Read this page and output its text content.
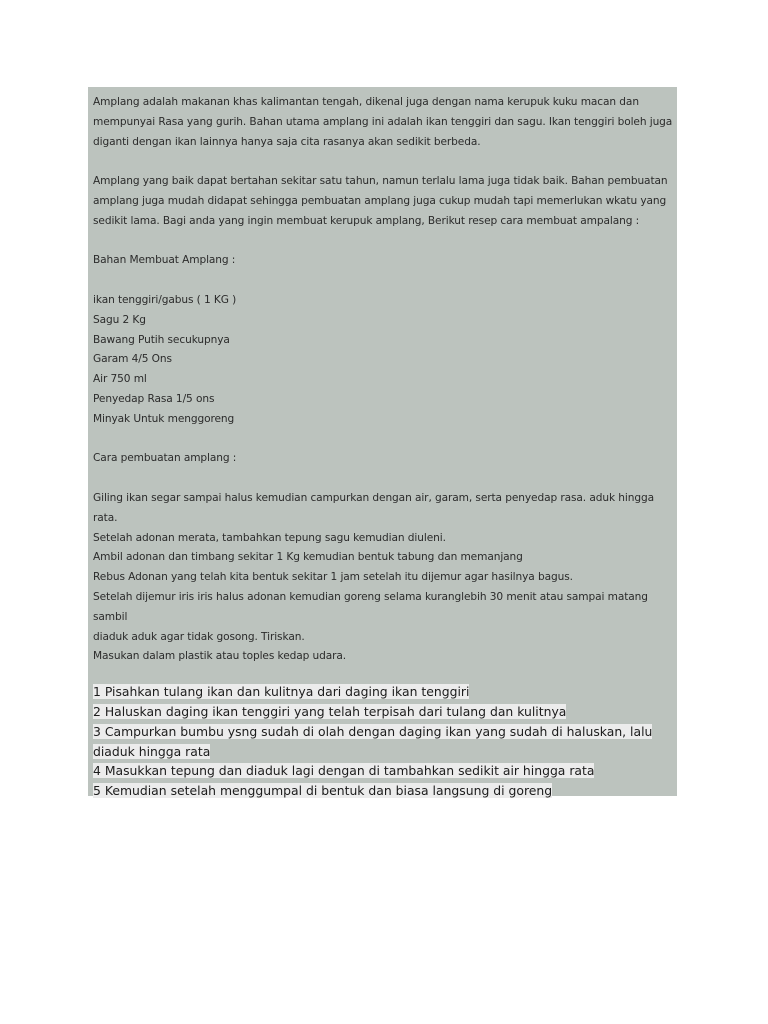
Amplang adalah makanan khas kalimantan tengah, dikenal juga dengan nama kerupuk kuku macan dan

mempunyai Rasa yang gurih. Bahan utama amplang ini adalah ikan tenggiri dan sagu. Ikan tenggiri boleh juga

diganti dengan ikan lainnya hanya saja cita rasanya akan sedikit berbeda.

Amplang yang baik dapat bertahan sekitar satu tahun, namun terlalu lama juga tidak baik. Bahan pembuatan

amplang juga mudah didapat sehingga pembuatan amplang juga cukup mudah tapi memerlukan wkatu yang

sedikit lama. Bagi anda yang ingin membuat kerupuk amplang, Berikut resep cara membuat ampalang :

Bahan Membuat Amplang :

ikan tenggiri/gabus ( 1 KG )

Sagu 2 Kg

Bawang Putih secukupnya

Garam 4/5 Ons

Air 750 ml

Penyedap Rasa 1/5 ons

Minyak Untuk menggoreng

Cara pembuatan amplang :

Giling ikan segar sampai halus kemudian campurkan dengan air, garam, serta penyedap rasa. aduk hingga rata.

Setelah adonan merata, tambahkan tepung sagu kemudian diuleni.

Ambil adonan dan timbang sekitar 1 Kg kemudian bentuk tabung dan memanjang

Rebus Adonan yang telah kita bentuk sekitar 1 jam setelah itu dijemur agar hasilnya bagus.

Setelah dijemur iris iris halus adonan kemudian goreng selama kuranglebih 30 menit atau sampai matang sambil

diaduk aduk agar tidak gosong. Tiriskan.

Masukan dalam plastik atau toples kedap udara.

1 Pisahkan tulang ikan dan kulitnya dari daging ikan tenggiri

2 Haluskan daging ikan tenggiri yang telah terpisah dari tulang dan kulitnya

3 Campurkan bumbu ysng sudah di olah dengan daging ikan yang sudah di haluskan, lalu

diaduk hingga rata

4 Masukkan tepung dan diaduk lagi dengan di tambahkan sedikit air hingga rata

5 Kemudian setelah menggumpal di bentuk dan biasa langsung di goreng
